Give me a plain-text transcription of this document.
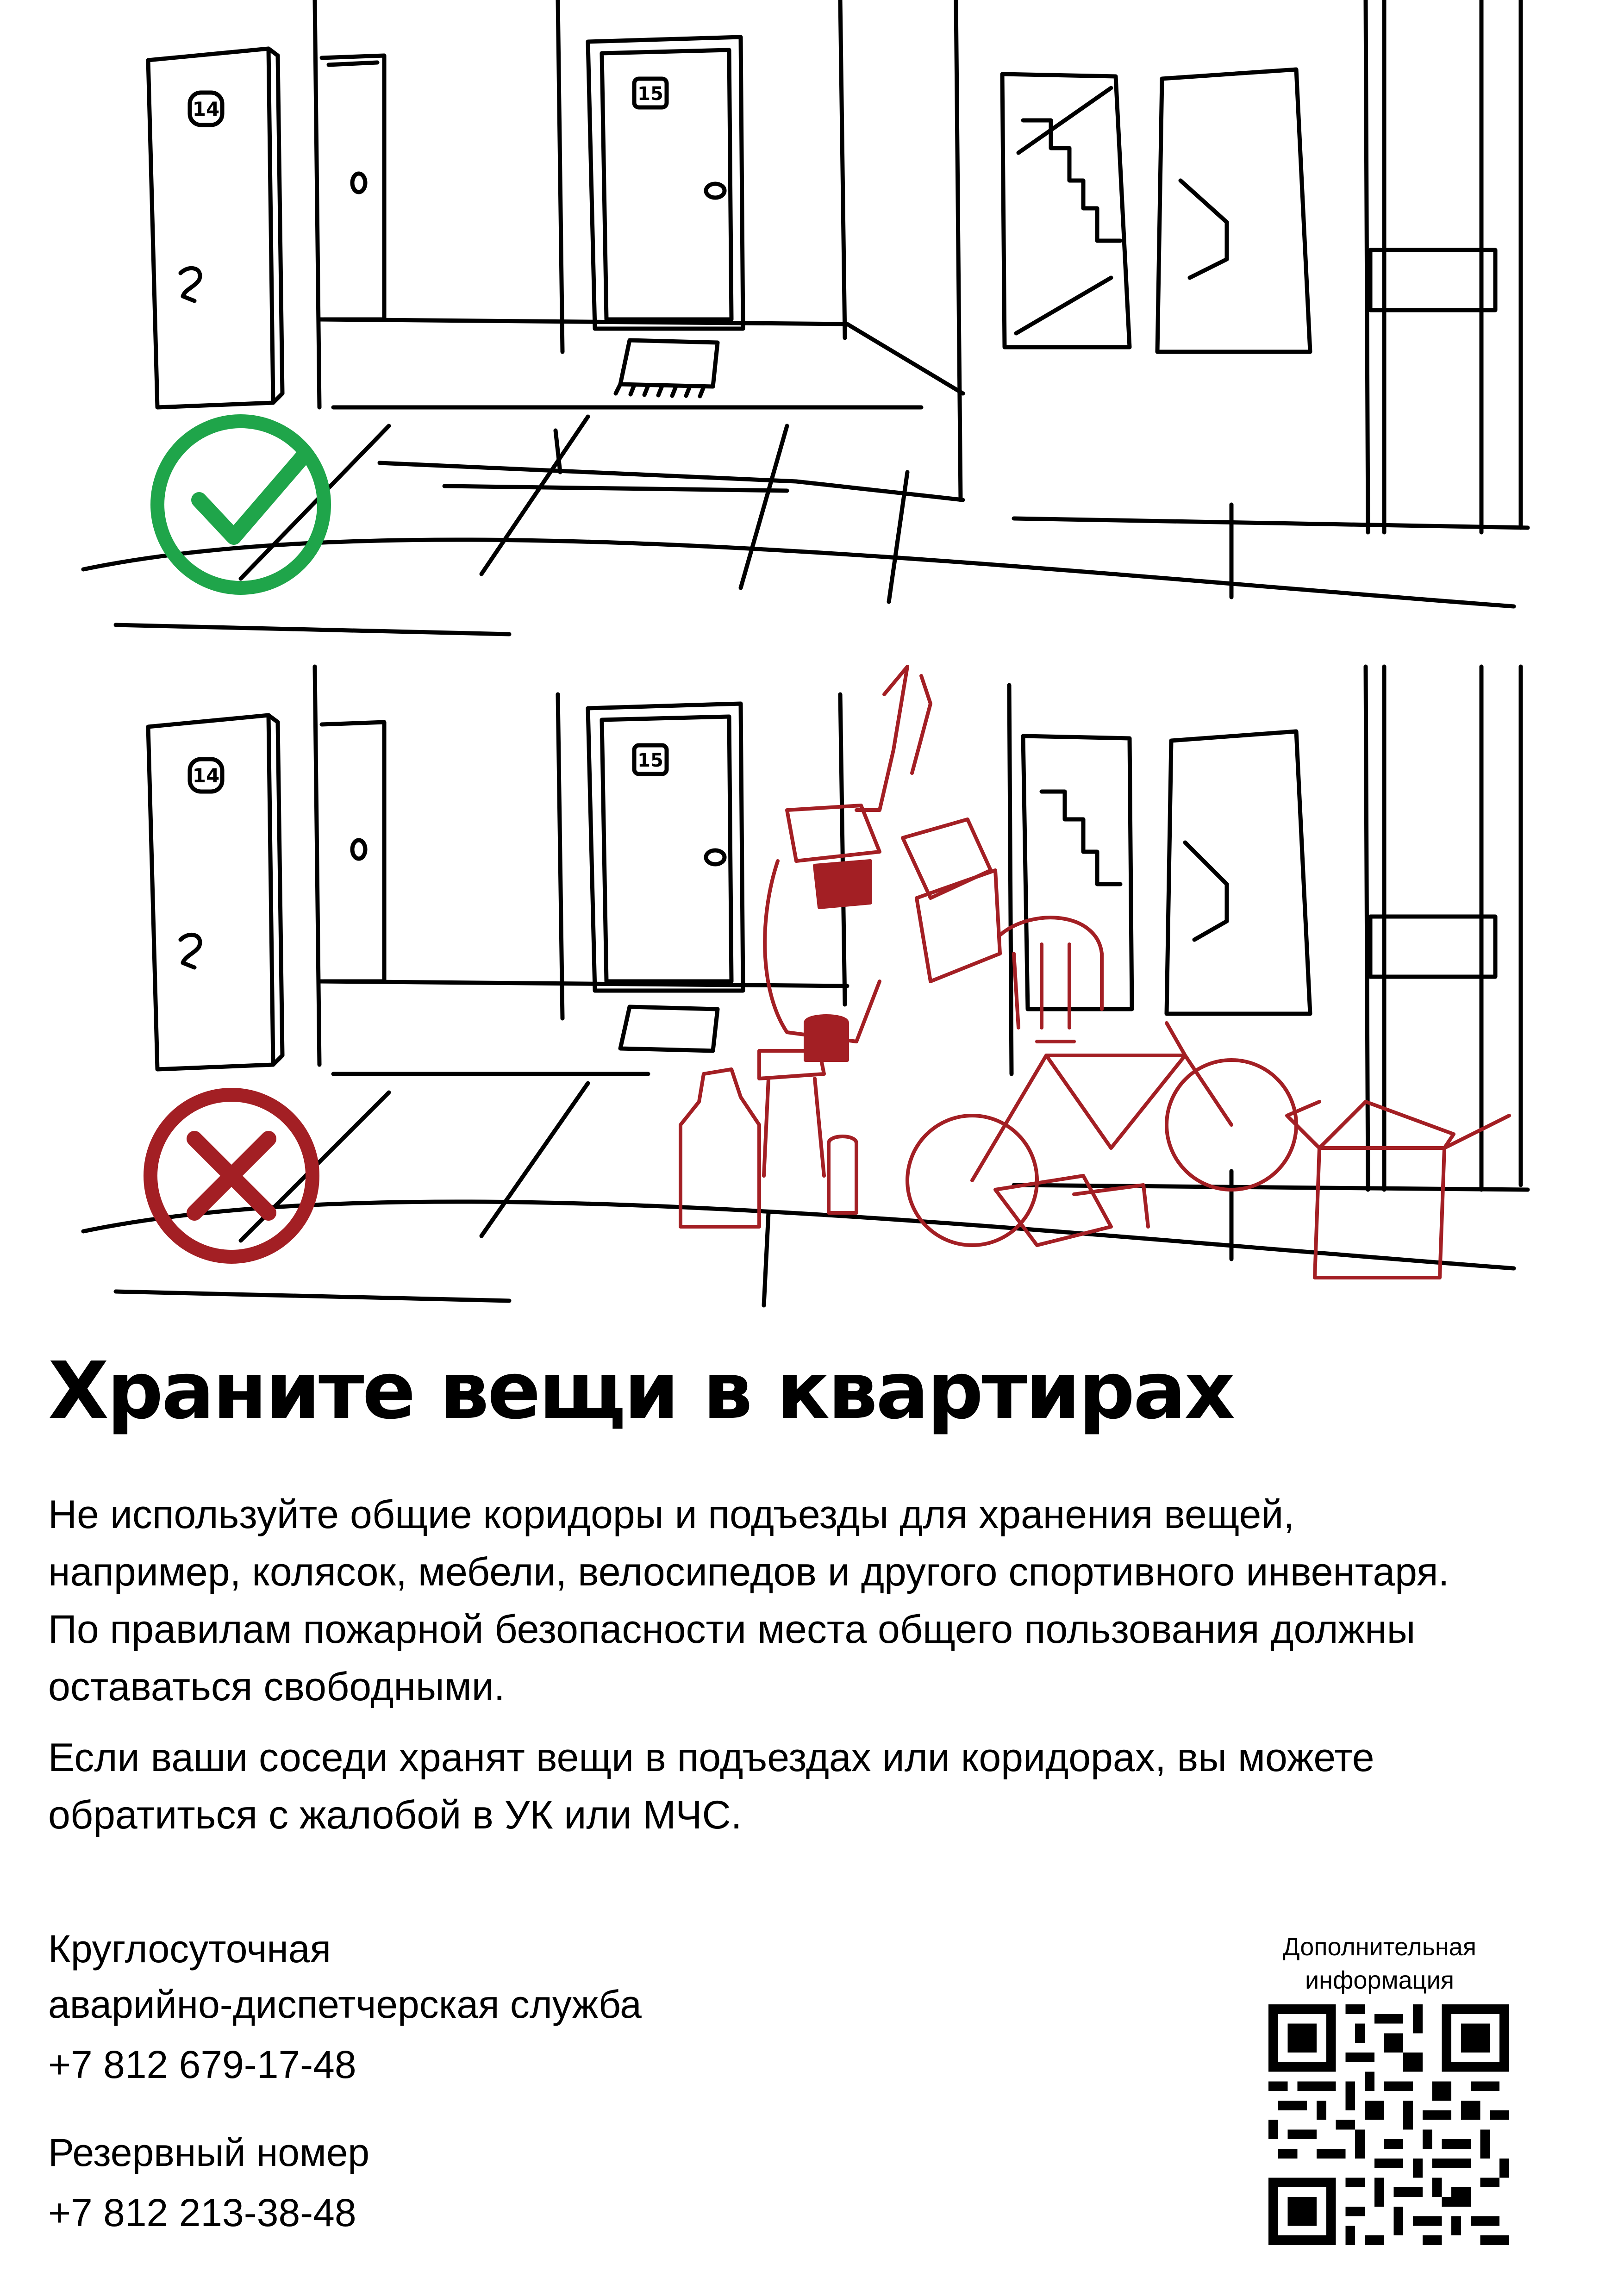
14
15
14
15
Храните вещи в квартирах

Не используйте общие коридоры и подъезды для хранения вещей, например, колясок, мебели, велосипедов и другого спортивного инвентаря. По правилам пожарной безопасности места общего пользования должны оставаться свободными.

Если ваши соседи хранят вещи в подъездах или коридорах, вы можете обратиться с жалобой в УК или МЧС.

Круглосуточная
аварийно-диспетчерская служба
+7 812 679-17-48
Резервный номер
+7 812 213-38-48
Дополнительная
информация
